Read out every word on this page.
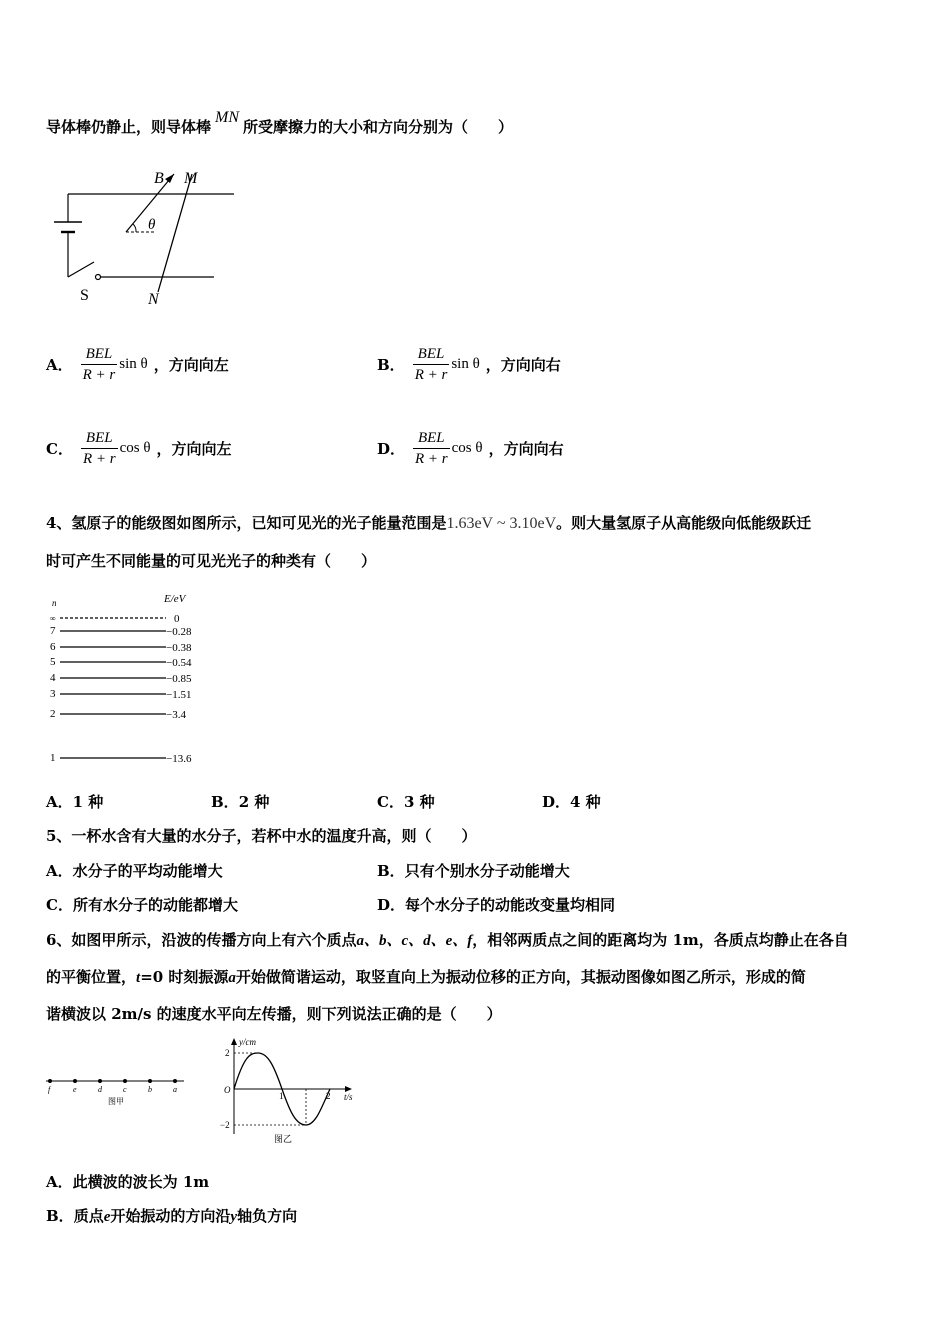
导体棒仍静止，则导体棒MN所受摩擦力的大小和方向分别为（　　）
B M
θ
S	N
A． $\frac{\text{BEL}}{R + r}$ sin θ ，方向向左	B． $\frac{\text{BEL}}{R + r}$ sin θ ，方向向右
C． $\frac{\text{BEL}}{R + r}$ cos θ ，方向向左	D． $\frac{\text{BEL}}{R + r}$ cos θ ，方向向右
4、氢原子的能级图如图所示，已知可见光的光子能量范围是1.63eV ~ 3.10eV。则大量氢原子从高能级向低能级跃迁
时可产生不同能量的可见光光子的种类有（　　）
n	E/eV
∞	0
7	−0.28
6	−0.38
5	−0.54
4	−0.85
3	−1.51
2	−3.4
1	−13.6
A．1 种	B．2 种	C．3 种	D．4 种
5、一杯水含有大量的水分子，若杯中水的温度升高，则（　　）
A．水分子的平均动能增大	B．只有个别水分子动能增大
C．所有水分子的动能都增大	D．每个水分子的动能改变量均相同
6、如图甲所示，沿波的传播方向上有六个质点a、b、c、d、e、f，相邻两质点之间的距离均为 1m，各质点均静止在各自
的平衡位置，t=0 时刻振源a开始做简谐运动，取竖直向上为振动位移的正方向，其振动图像如图乙所示，形成的简
谐横波以 2m/s 的速度水平向左传播，则下列说法正确的是（　　）
f	e	d	c	b	a
图甲
y/cm
t/s
O
2
−2
1	2
图乙
A．此横波的波长为 1m
B．质点e开始振动的方向沿y轴负方向
